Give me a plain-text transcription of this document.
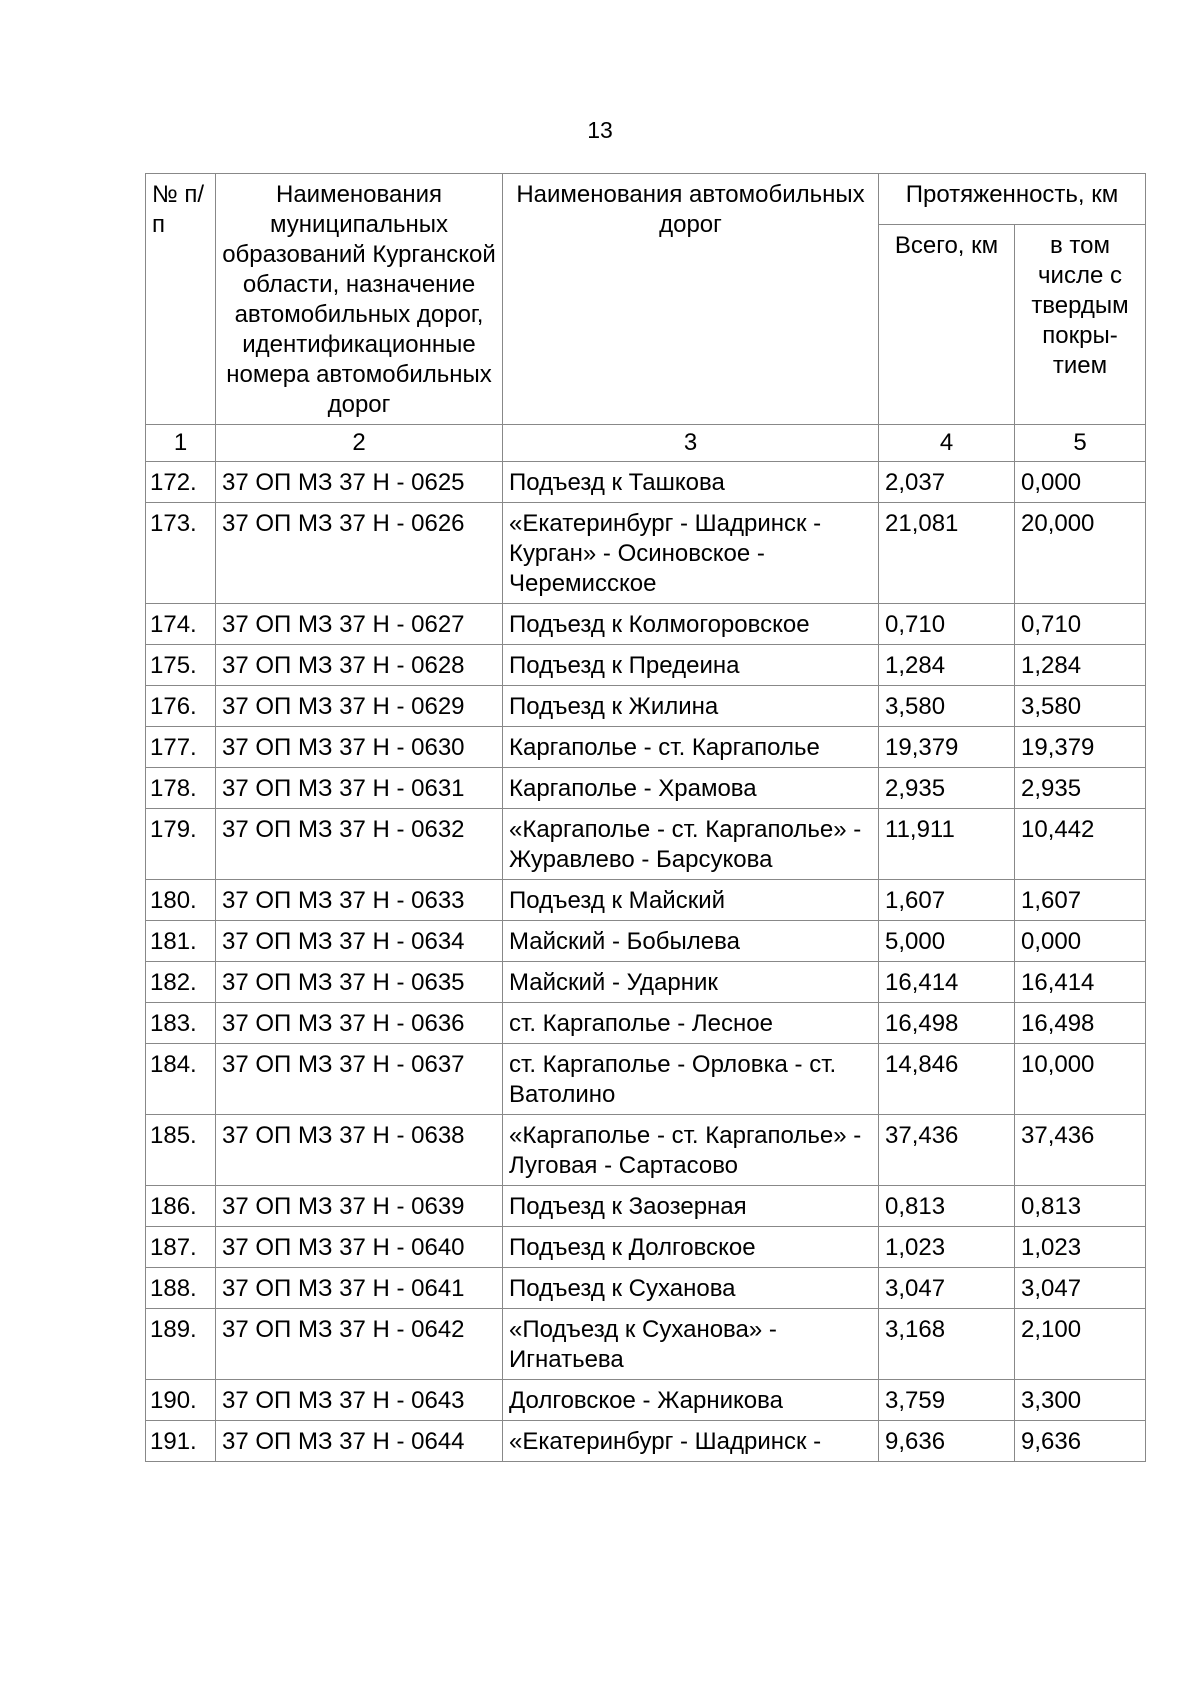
13
№ п/п	Наименования муниципальных образований Курганской области, назначение автомобильных дорог, идентификационные номера автомобильных дорог	Наименования автомобильных дорог	Протяженность, км	
			Всего, км	в том числе с твердым покры-тием
1	2	3	4	5
172.	37 ОП МЗ 37 Н - 0625	Подъезд к Ташкова	2,037	0,000
173.	37 ОП МЗ 37 Н - 0626	«Екатеринбург - Шадринск - Курган» - Осиновское - Черемисское	21,081	20,000
174.	37 ОП МЗ 37 Н - 0627	Подъезд к Колмогоровское	0,710	0,710
175.	37 ОП МЗ 37 Н - 0628	Подъезд к Предеина	1,284	1,284
176.	37 ОП МЗ 37 Н - 0629	Подъезд к Жилина	3,580	3,580
177.	37 ОП МЗ 37 Н - 0630	Каргаполье - ст. Каргаполье	19,379	19,379
178.	37 ОП МЗ 37 Н - 0631	Каргаполье - Храмова	2,935	2,935
179.	37 ОП МЗ 37 Н - 0632	«Каргаполье - ст. Каргаполье» - Журавлево - Барсукова	11,911	10,442
180.	37 ОП МЗ 37 Н - 0633	Подъезд к Майский	1,607	1,607
181.	37 ОП МЗ 37 Н - 0634	Майский - Бобылева	5,000	0,000
182.	37 ОП МЗ 37 Н - 0635	Майский - Ударник	16,414	16,414
183.	37 ОП МЗ 37 Н - 0636	ст. Каргаполье - Лесное	16,498	16,498
184.	37 ОП МЗ 37 Н - 0637	ст. Каргаполье - Орловка - ст. Ватолино	14,846	10,000
185.	37 ОП МЗ 37 Н - 0638	«Каргаполье - ст. Каргаполье» - Луговая - Сартасово	37,436	37,436
186.	37 ОП МЗ 37 Н - 0639	Подъезд к Заозерная	0,813	0,813
187.	37 ОП МЗ 37 Н - 0640	Подъезд к Долговское	1,023	1,023
188.	37 ОП МЗ 37 Н - 0641	Подъезд к Суханова	3,047	3,047
189.	37 ОП МЗ 37 Н - 0642	«Подъезд к Суханова» - Игнатьева	3,168	2,100
190.	37 ОП МЗ 37 Н - 0643	Долговское - Жарникова	3,759	3,300
191.	37 ОП МЗ 37 Н - 0644	«Екатеринбург - Шадринск -	9,636	9,636
